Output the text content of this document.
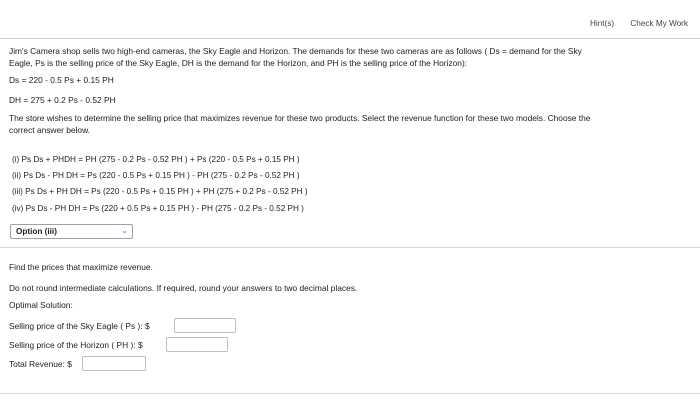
Hint(s) Check My Work
Jim's Camera shop sells two high-end cameras, the Sky Eagle and Horizon. The demands for these two cameras are as follows ( Ds = demand for the Sky
Eagle, Ps is the selling price of the Sky Eagle, DH is the demand for the Horizon, and PH is the selling price of the Horizon):
Ds = 220 - 0.5 Ps + 0.15 PH
DH = 275 + 0.2 Ps - 0.52 PH
The store wishes to determine the selling price that maximizes revenue for these two products. Select the revenue function for these two models. Choose the
correct answer below.
(i) Ps Ds + PHDH = PH (275 - 0.2 Ps - 0.52 PH ) + Ps (220 - 0.5 Ps + 0.15 PH )
(ii) Ps Ds - PH DH = Ps (220 - 0.5 Ps + 0.15 PH ) - PH (275 - 0.2 Ps - 0.52 PH )
(iii) Ps Ds + PH DH = Ps (220 - 0.5 Ps + 0.15 PH ) + PH (275 + 0.2 Ps - 0.52 PH )
(iv) Ps Ds - PH DH = Ps (220 + 0.5 Ps + 0.15 PH ) - PH (275 - 0.2 Ps - 0.52 PH )
Option (iii)	⌄
Find the prices that maximize revenue.
Do not round intermediate calculations. If required, round your answers to two decimal places.
Optimal Solution:
Selling price of the Sky Eagle ( Ps ): $
Selling price of the Horizon ( PH ): $
Total Revenue: $
